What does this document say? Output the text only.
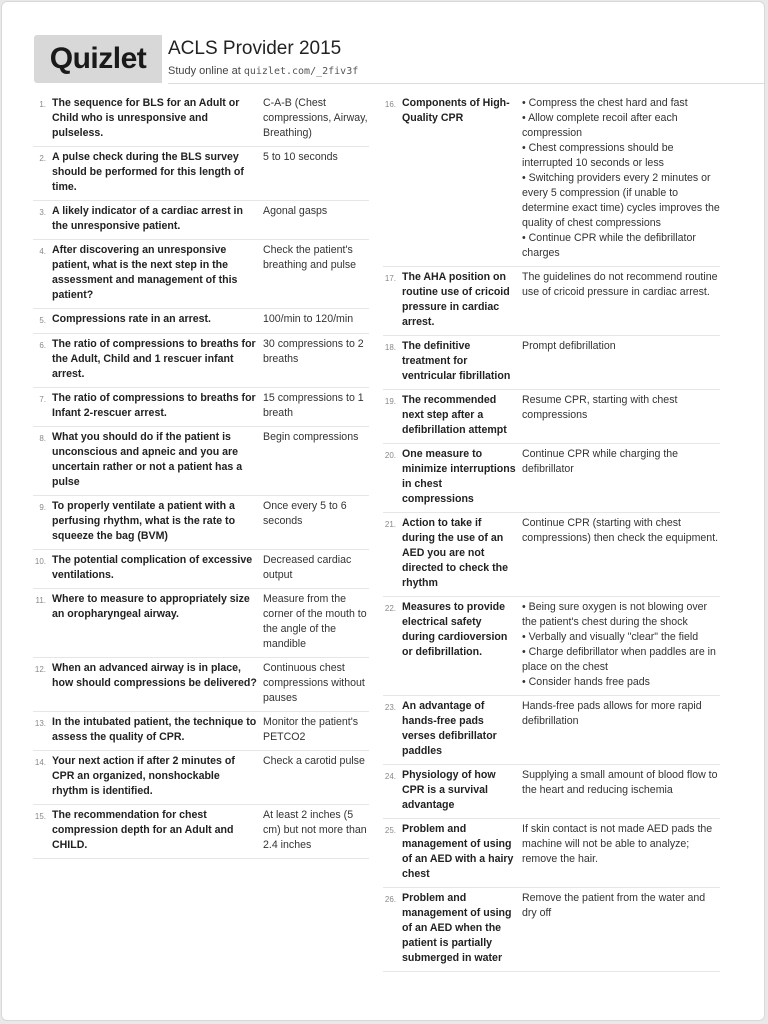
Quizlet	ACLS Provider 2015
Study online at quizlet.com/_2fiv3f
1. The sequence for BLS for an Adult or Child who is unresponsive and pulseless.
C-A-B (Chest compressions, Airway, Breathing)
2. A pulse check during the BLS survey should be performed for this length of time.
5 to 10 seconds
3. A likely indicator of a cardiac arrest in the unresponsive patient.
Agonal gasps
4. After discovering an unresponsive patient, what is the next step in the assessment and management of this patient?
Check the patient's breathing and pulse
5. Compressions rate in an arrest.	100/min to 120/min
6. The ratio of compressions to breaths for the Adult, Child and 1 rescuer infant arrest.
30 compressions to 2 breaths
7. The ratio of compressions to breaths for Infant 2-rescuer arrest.
15 compressions to 1 breath
8. What you should do if the patient is unconscious and apneic and you are uncertain rather or not a patient has a pulse
Begin compressions
9. To properly ventilate a patient with a perfusing rhythm, what is the rate to squeeze the bag (BVM)
Once every 5 to 6 seconds
10. The potential complication of excessive ventilations.
Decreased cardiac output
11. Where to measure to appropriately size an oropharyngeal airway.
Measure from the corner of the mouth to the angle of the mandible
12. When an advanced airway is in place, how should compressions be delivered?
Continuous chest compressions without pauses
13. In the intubated patient, the technique to assess the quality of CPR.
Monitor the patient's PETCO2
14. Your next action if after 2 minutes of CPR an organized, nonshockable rhythm is identified.
Check a carotid pulse
15. The recommendation for chest compression depth for an Adult and CHILD.
At least 2 inches (5 cm) but not more than 2.4 inches
16. Components of High-Quality CPR
• Compress the chest hard and fast
• Allow complete recoil after each compression
• Chest compressions should be interrupted 10 seconds or less
• Switching providers every 2 minutes or every 5 compression (if unable to determine exact time) cycles improves the quality of chest compressions
• Continue CPR while the defibrillator charges
17. The AHA position on routine use of cricoid pressure in cardiac arrest.
The guidelines do not recommend routine use of cricoid pressure in cardiac arrest.
18. The definitive treatment for ventricular fibrillation
Prompt defibrillation
19. The recommended next step after a defibrillation attempt
Resume CPR, starting with chest compressions
20. One measure to minimize interruptions in chest compressions
Continue CPR while charging the defibrillator
21. Action to take if during the use of an AED you are not directed to check the rhythm
Continue CPR (starting with chest compressions) then check the equipment.
22. Measures to provide electrical safety during cardioversion or defibrillation.
• Being sure oxygen is not blowing over the patient's chest during the shock
• Verbally and visually "clear" the field
• Charge defibrillator when paddles are in place on the chest
• Consider hands free pads
23. An advantage of hands-free pads verses defibrillator paddles
Hands-free pads allows for more rapid defibrillation
24. Physiology of how CPR is a survival advantage
Supplying a small amount of blood flow to the heart and reducing ischemia
25. Problem and management of using of an AED with a hairy chest
If skin contact is not made AED pads the machine will not be able to analyze; remove the hair.
26. Problem and management of using of an AED when the patient is partially submerged in water
Remove the patient from the water and dry off
